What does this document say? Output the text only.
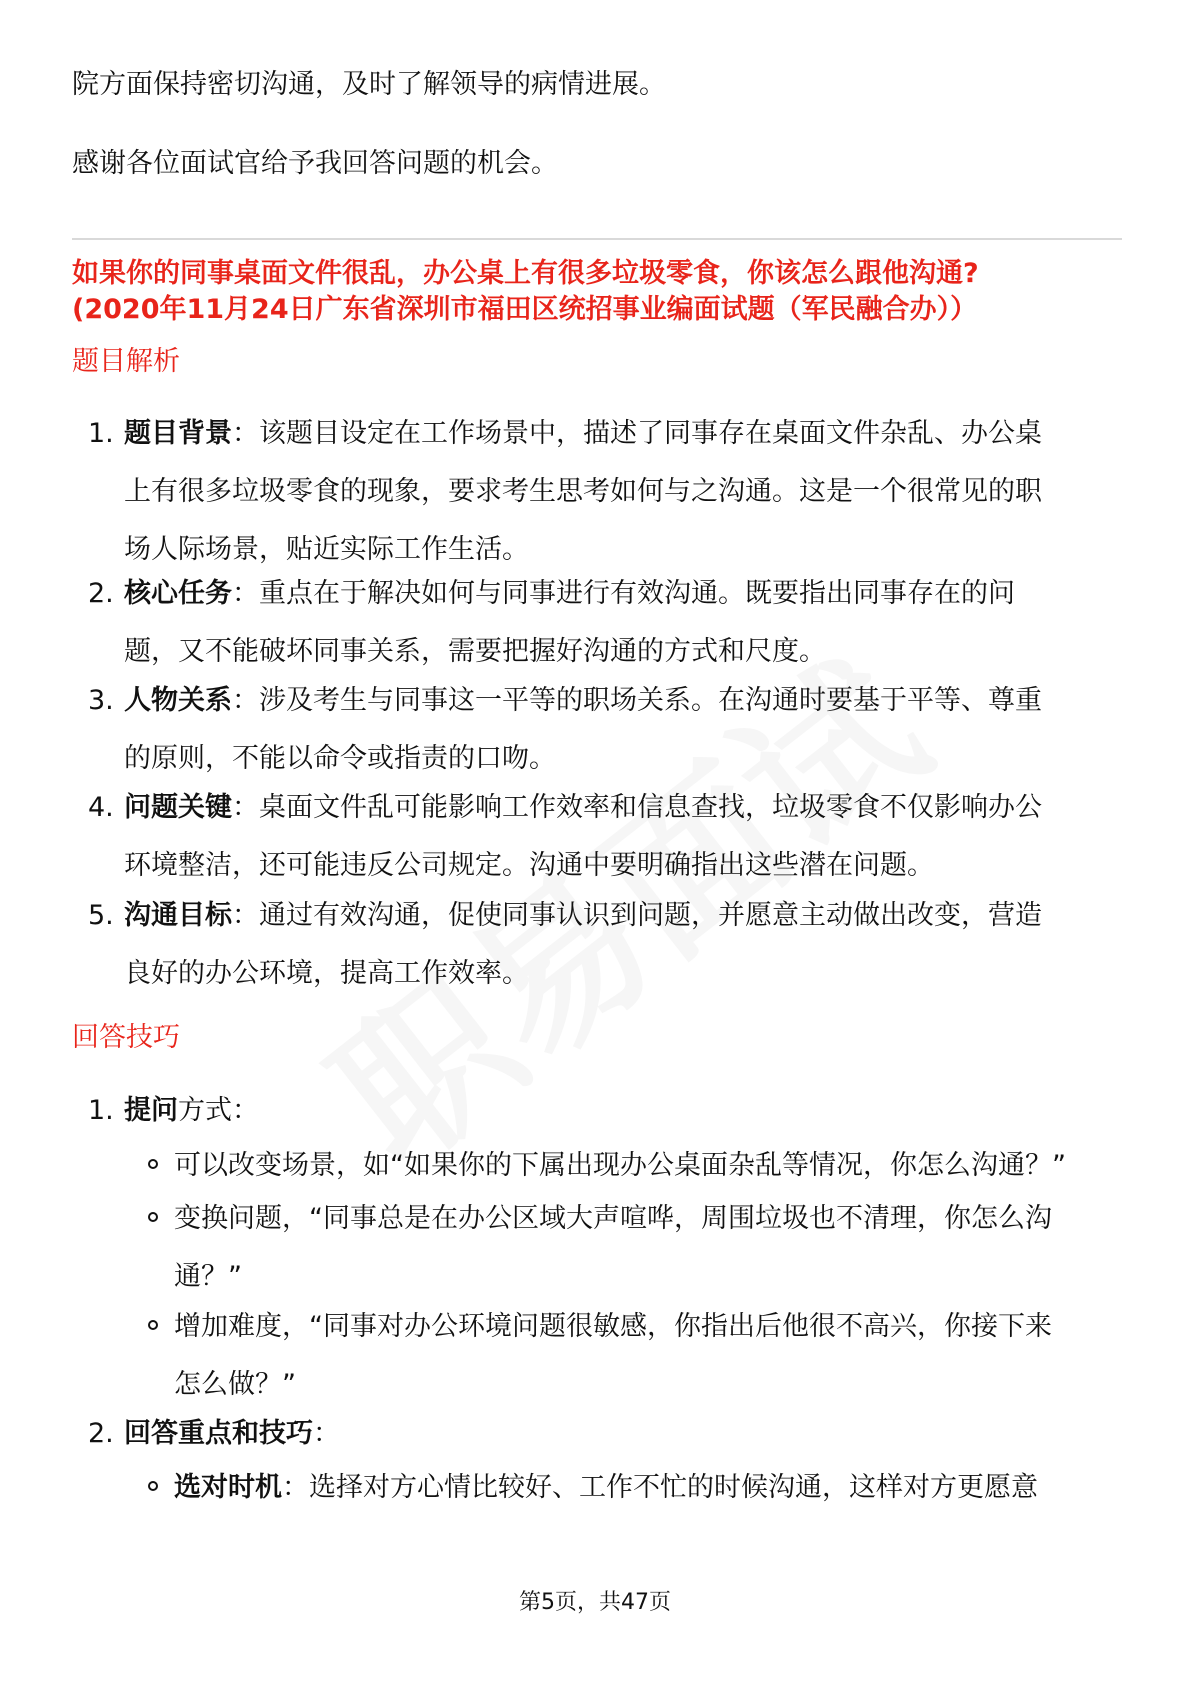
院方面保持密切沟通，及时了解领导的病情进展。
感谢各位面试官给予我回答问题的机会。
如果你的同事桌面文件很乱，办公桌上有很多垃圾零食，你该怎么跟他沟通?
(2020年11月24日广东省深圳市福田区统招事业编面试题（军民融合办））
题目解析
1. 题目背景：该题目设定在工作场景中，描述了同事存在桌面文件杂乱、办公桌
上有很多垃圾零食的现象，要求考生思考如何与之沟通。这是一个很常见的职
场人际场景，贴近实际工作生活。
2. 核心任务：重点在于解决如何与同事进行有效沟通。既要指出同事存在的问
题，又不能破坏同事关系，需要把握好沟通的方式和尺度。
3. 人物关系：涉及考生与同事这一平等的职场关系。在沟通时要基于平等、尊重
的原则，不能以命令或指责的口吻。
4. 问题关键：桌面文件乱可能影响工作效率和信息查找，垃圾零食不仅影响办公
环境整洁，还可能违反公司规定。沟通中要明确指出这些潜在问题。
5. 沟通目标：通过有效沟通，促使同事认识到问题，并愿意主动做出改变，营造
良好的办公环境，提高工作效率。
回答技巧
1. 提问方式：
可以改变场景，如“如果你的下属出现办公桌面杂乱等情况，你怎么沟通？”
变换问题，“同事总是在办公区域大声喧哗，周围垃圾也不清理，你怎么沟
通？”
增加难度，“同事对办公环境问题很敏感，你指出后他很不高兴，你接下来
怎么做？”
2. 回答重点和技巧：
选对时机：选择对方心情比较好、工作不忙的时候沟通，这样对方更愿意
第5页，共47页
